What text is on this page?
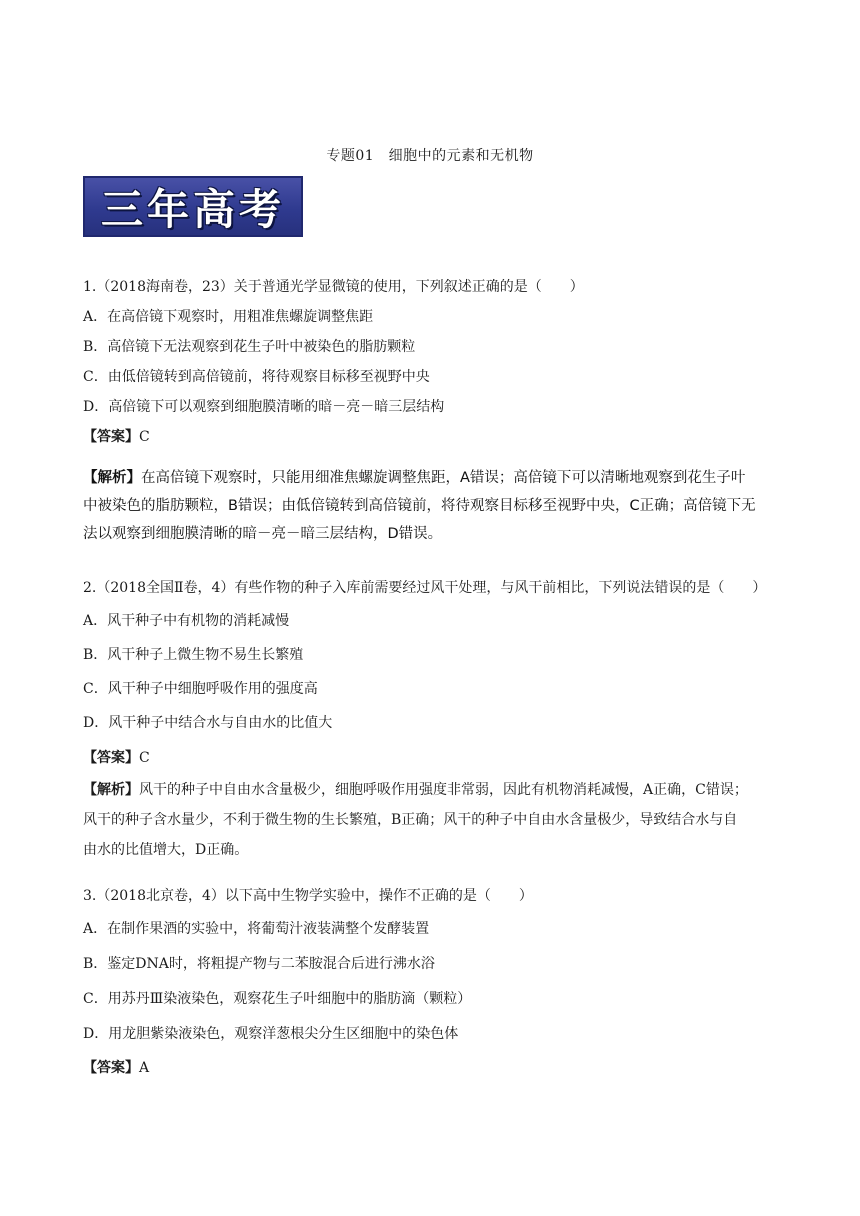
专题01　细胞中的元素和无机物
三年高考
1.（2018海南卷，23）关于普通光学显微镜的使用，下列叙述正确的是（　　）
A．在高倍镜下观察时，用粗准焦螺旋调整焦距
B．高倍镜下无法观察到花生子叶中被染色的脂肪颗粒
C．由低倍镜转到高倍镜前，将待观察目标移至视野中央
D．高倍镜下可以观察到细胞膜清晰的暗－亮－暗三层结构
【答案】C
【解析】在高倍镜下观察时，只能用细准焦螺旋调整焦距，A错误；高倍镜下可以清晰地观察到花生子叶
中被染色的脂肪颗粒，B错误；由低倍镜转到高倍镜前，将待观察目标移至视野中央，C正确；高倍镜下无
法以观察到细胞膜清晰的暗－亮－暗三层结构，D错误。
2.（2018全国Ⅱ卷，4）有些作物的种子入库前需要经过风干处理，与风干前相比，下列说法错误的是（　　）
A．风干种子中有机物的消耗减慢
B．风干种子上微生物不易生长繁殖
C．风干种子中细胞呼吸作用的强度高
D．风干种子中结合水与自由水的比值大
【答案】C
【解析】风干的种子中自由水含量极少，细胞呼吸作用强度非常弱，因此有机物消耗减慢，A正确，C错误；
风干的种子含水量少，不利于微生物的生长繁殖，B正确；风干的种子中自由水含量极少，导致结合水与自
由水的比值增大，D正确。
3.（2018北京卷，4）以下高中生物学实验中，操作不正确的是（　　）
A．在制作果酒的实验中，将葡萄汁液装满整个发酵装置
B．鉴定DNA时，将粗提产物与二苯胺混合后进行沸水浴
C．用苏丹Ⅲ染液染色，观察花生子叶细胞中的脂肪滴（颗粒）
D．用龙胆紫染液染色，观察洋葱根尖分生区细胞中的染色体
【答案】A
